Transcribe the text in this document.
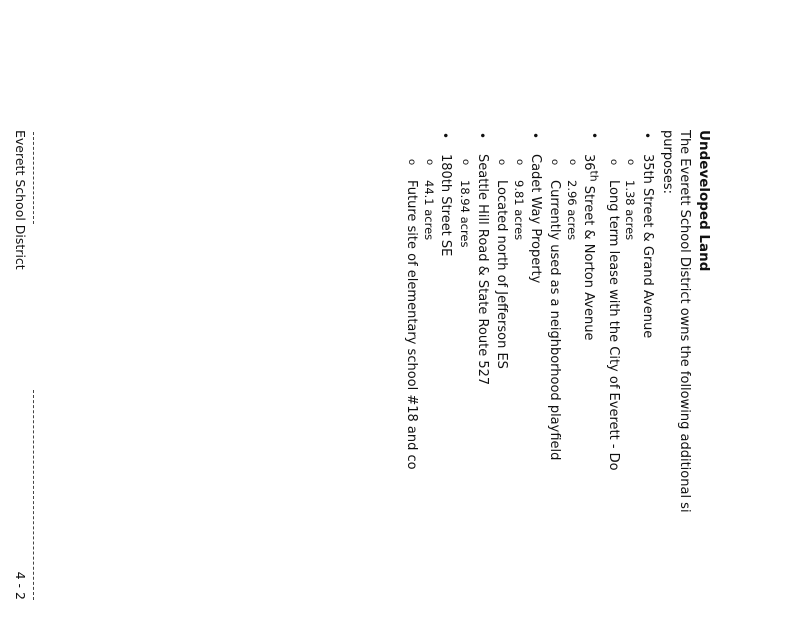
Undeveloped Land

The Everett School District owns the following additional si
purposes:

•
35th Street & Grand Avenue
o
1.38 acres
o
Long term lease with the City of Everett - Do
•
36th Street & Norton Avenue
o
2.96 acres
o
Currently used as a neighborhood playfield
•
Cadet Way Property
o
9.81 acres
o
Located north of Jefferson ES
•
Seattle Hill Road & State Route 527
o
18.94 acres
•
180th Street SE
o
44.1 acres
o
Future site of elementary school #18 and co
Everett School District
4 - 2
